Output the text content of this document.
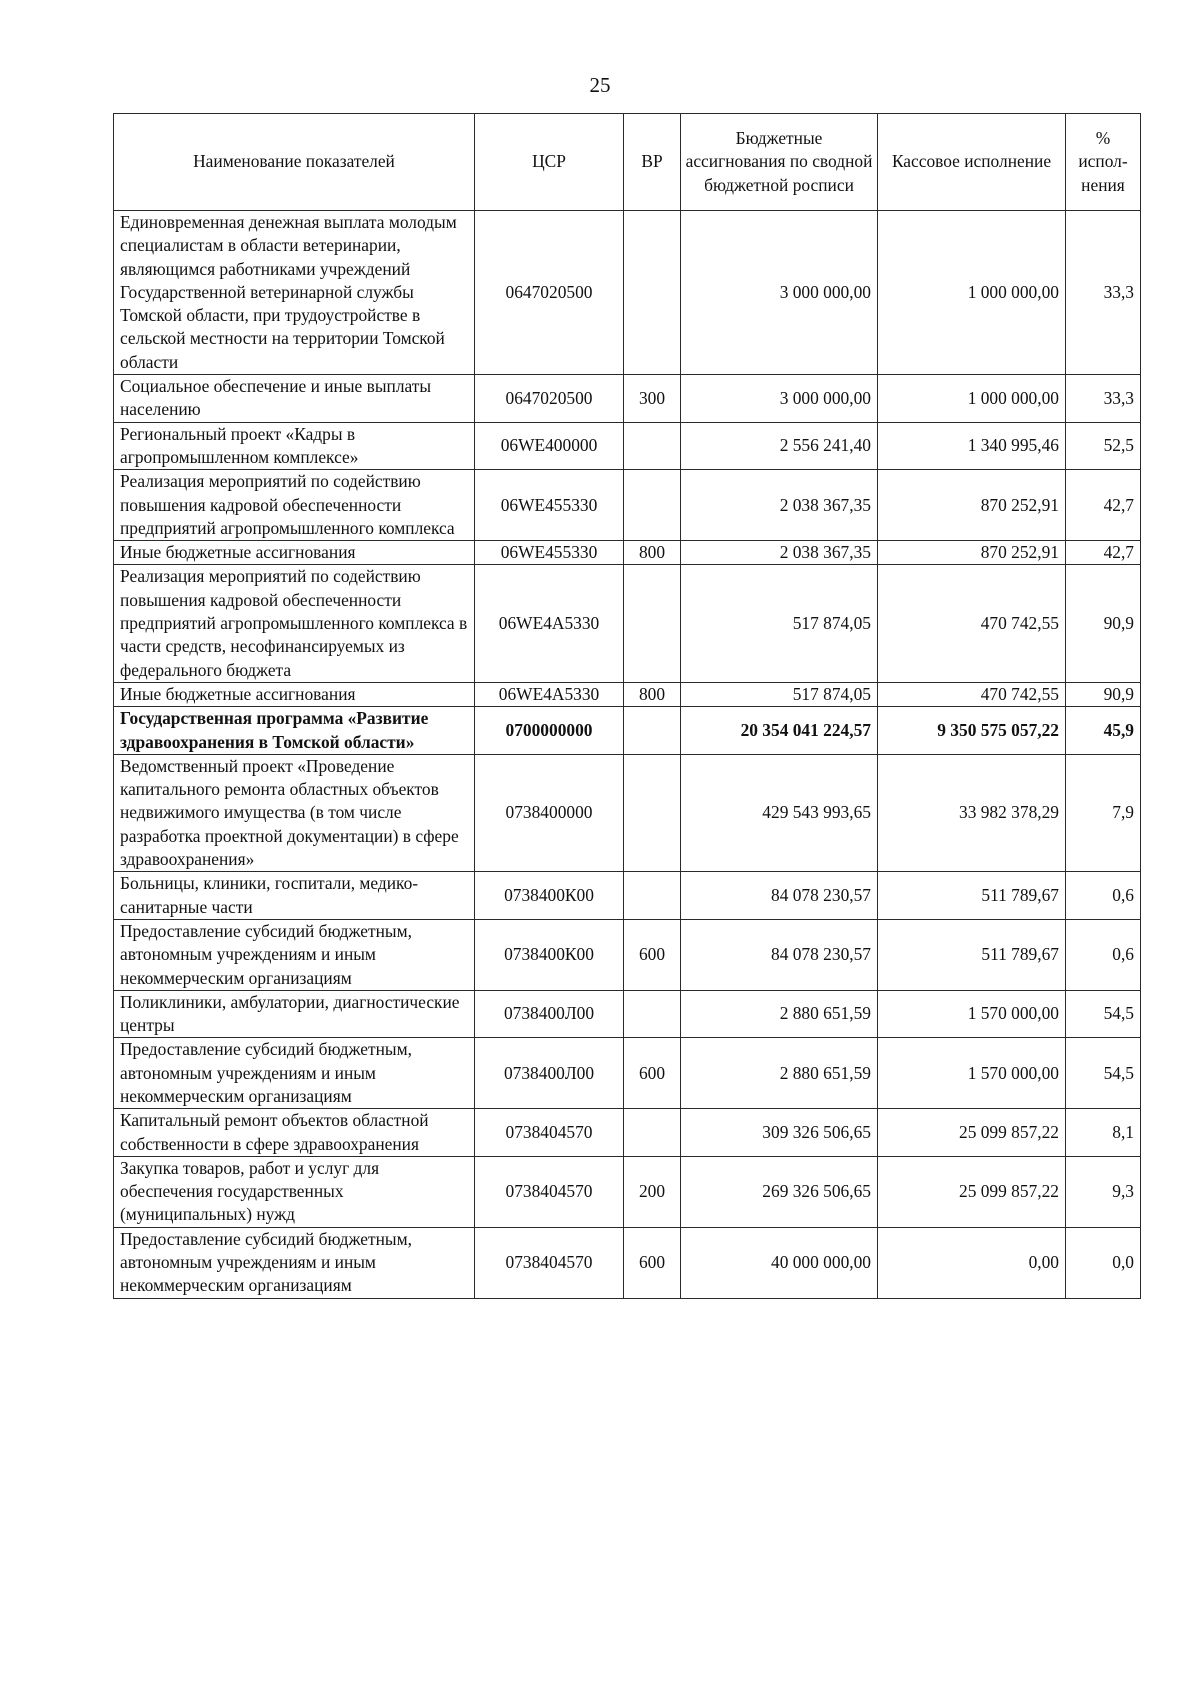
25
Наименование показателей	ЦСР	ВР	Бюджетные ассигнования по сводной бюджетной росписи	Кассовое исполнение	% испол-нения
Единовременная денежная выплата молодым специалистам в области ветеринарии, являющимся работниками учреждений Государственной ветеринарной службы Томской области, при трудоустройстве в сельской местности на территории Томской области	0647020500		3 000 000,00	1 000 000,00	33,3
Социальное обеспечение и иные выплаты населению	0647020500	300	3 000 000,00	1 000 000,00	33,3
Региональный проект «Кадры в агропромышленном комплексе»	06WE400000		2 556 241,40	1 340 995,46	52,5
Реализация мероприятий по содействию повышения кадровой обеспеченности предприятий агропромышленного комплекса	06WE455330		2 038 367,35	870 252,91	42,7
Иные бюджетные ассигнования	06WE455330	800	2 038 367,35	870 252,91	42,7
Реализация мероприятий по содействию повышения кадровой обеспеченности предприятий агропромышленного комплекса в части средств, несофинансируемых из федерального бюджета	06WE4A5330		517 874,05	470 742,55	90,9
Иные бюджетные ассигнования	06WE4A5330	800	517 874,05	470 742,55	90,9
Государственная программа «Развитие здравоохранения в Томской области»	0700000000		20 354 041 224,57	9 350 575 057,22	45,9
Ведомственный проект «Проведение капитального ремонта областных объектов недвижимого имущества (в том числе разработка проектной документации) в сфере здравоохранения»	0738400000		429 543 993,65	33 982 378,29	7,9
Больницы, клиники, госпитали, медико-санитарные части	0738400К00		84 078 230,57	511 789,67	0,6
Предоставление субсидий бюджетным, автономным учреждениям и иным некоммерческим организациям	0738400К00	600	84 078 230,57	511 789,67	0,6
Поликлиники, амбулатории, диагностические центры	0738400Л00		2 880 651,59	1 570 000,00	54,5
Предоставление субсидий бюджетным, автономным учреждениям и иным некоммерческим организациям	0738400Л00	600	2 880 651,59	1 570 000,00	54,5
Капитальный ремонт объектов областной собственности в сфере здравоохранения	0738404570		309 326 506,65	25 099 857,22	8,1
Закупка товаров, работ и услуг для обеспечения государственных (муниципальных) нужд	0738404570	200	269 326 506,65	25 099 857,22	9,3
Предоставление субсидий бюджетным, автономным учреждениям и иным некоммерческим организациям	0738404570	600	40 000 000,00	0,00	0,0
